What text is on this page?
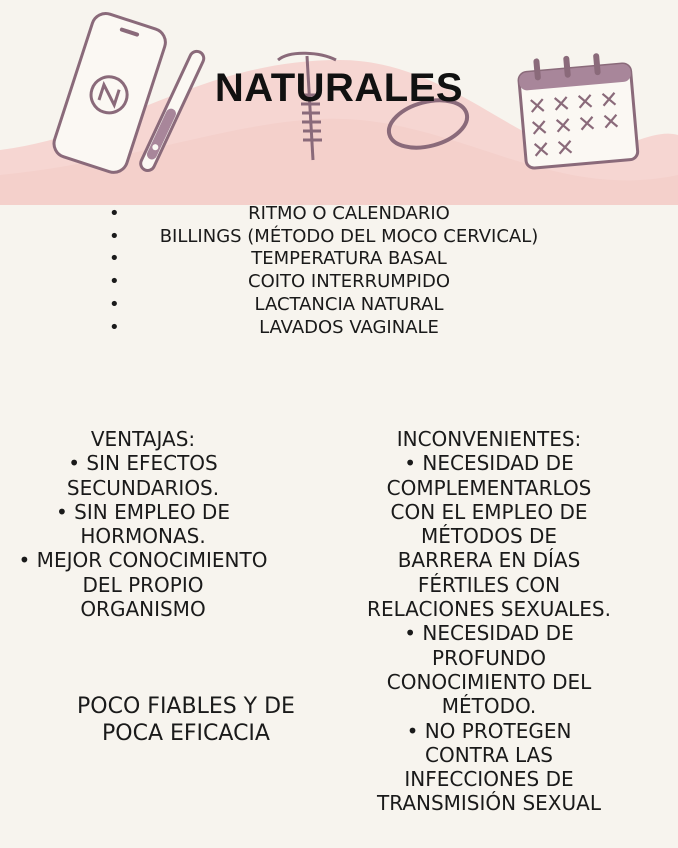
NATURALES
•	RITMO O CALENDARIO
• BILLINGS (MÉTODO DEL MOCO CERVICAL)
•	TEMPERATURA BASAL
•	COITO INTERRUMPIDO
•	LACTANCIA NATURAL
•	LAVADOS VAGINALE
VENTAJAS:
• SIN EFECTOS
SECUNDARIOS.
• SIN EMPLEO DE
HORMONAS.
• MEJOR CONOCIMIENTO
DEL PROPIO
ORGANISMO
INCONVENIENTES:
• NECESIDAD DE
COMPLEMENTARLOS
CON EL EMPLEO DE
MÉTODOS DE
BARRERA EN DÍAS
FÉRTILES CON
RELACIONES SEXUALES.
• NECESIDAD DE
PROFUNDO
CONOCIMIENTO DEL
MÉTODO.
• NO PROTEGEN
CONTRA LAS
INFECCIONES DE
TRANSMISIÓN SEXUAL
POCO FIABLES Y DE
POCA EFICACIA
